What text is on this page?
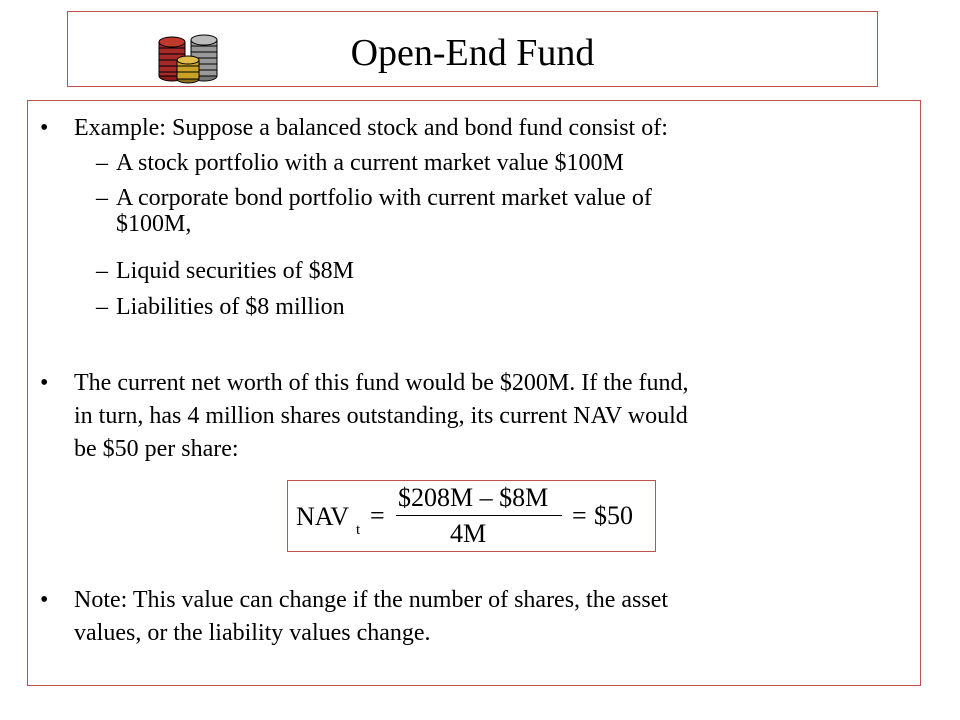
Open-End Fund
• Example: Suppose a balanced stock and bond fund consist of:
– A stock portfolio with a current market value $100M
– A corporate bond portfolio with current market value of
$100M,
– Liquid securities of $8M
– Liabilities of $8 million
• The current net worth of this fund would be $200M. If the fund,
in turn, has 4 million shares outstanding, its current NAV would
be $50 per share:
NAV t =
$208M – $8M
4M
= $50
• Note: This value can change if the number of shares, the asset
values, or the liability values change.
